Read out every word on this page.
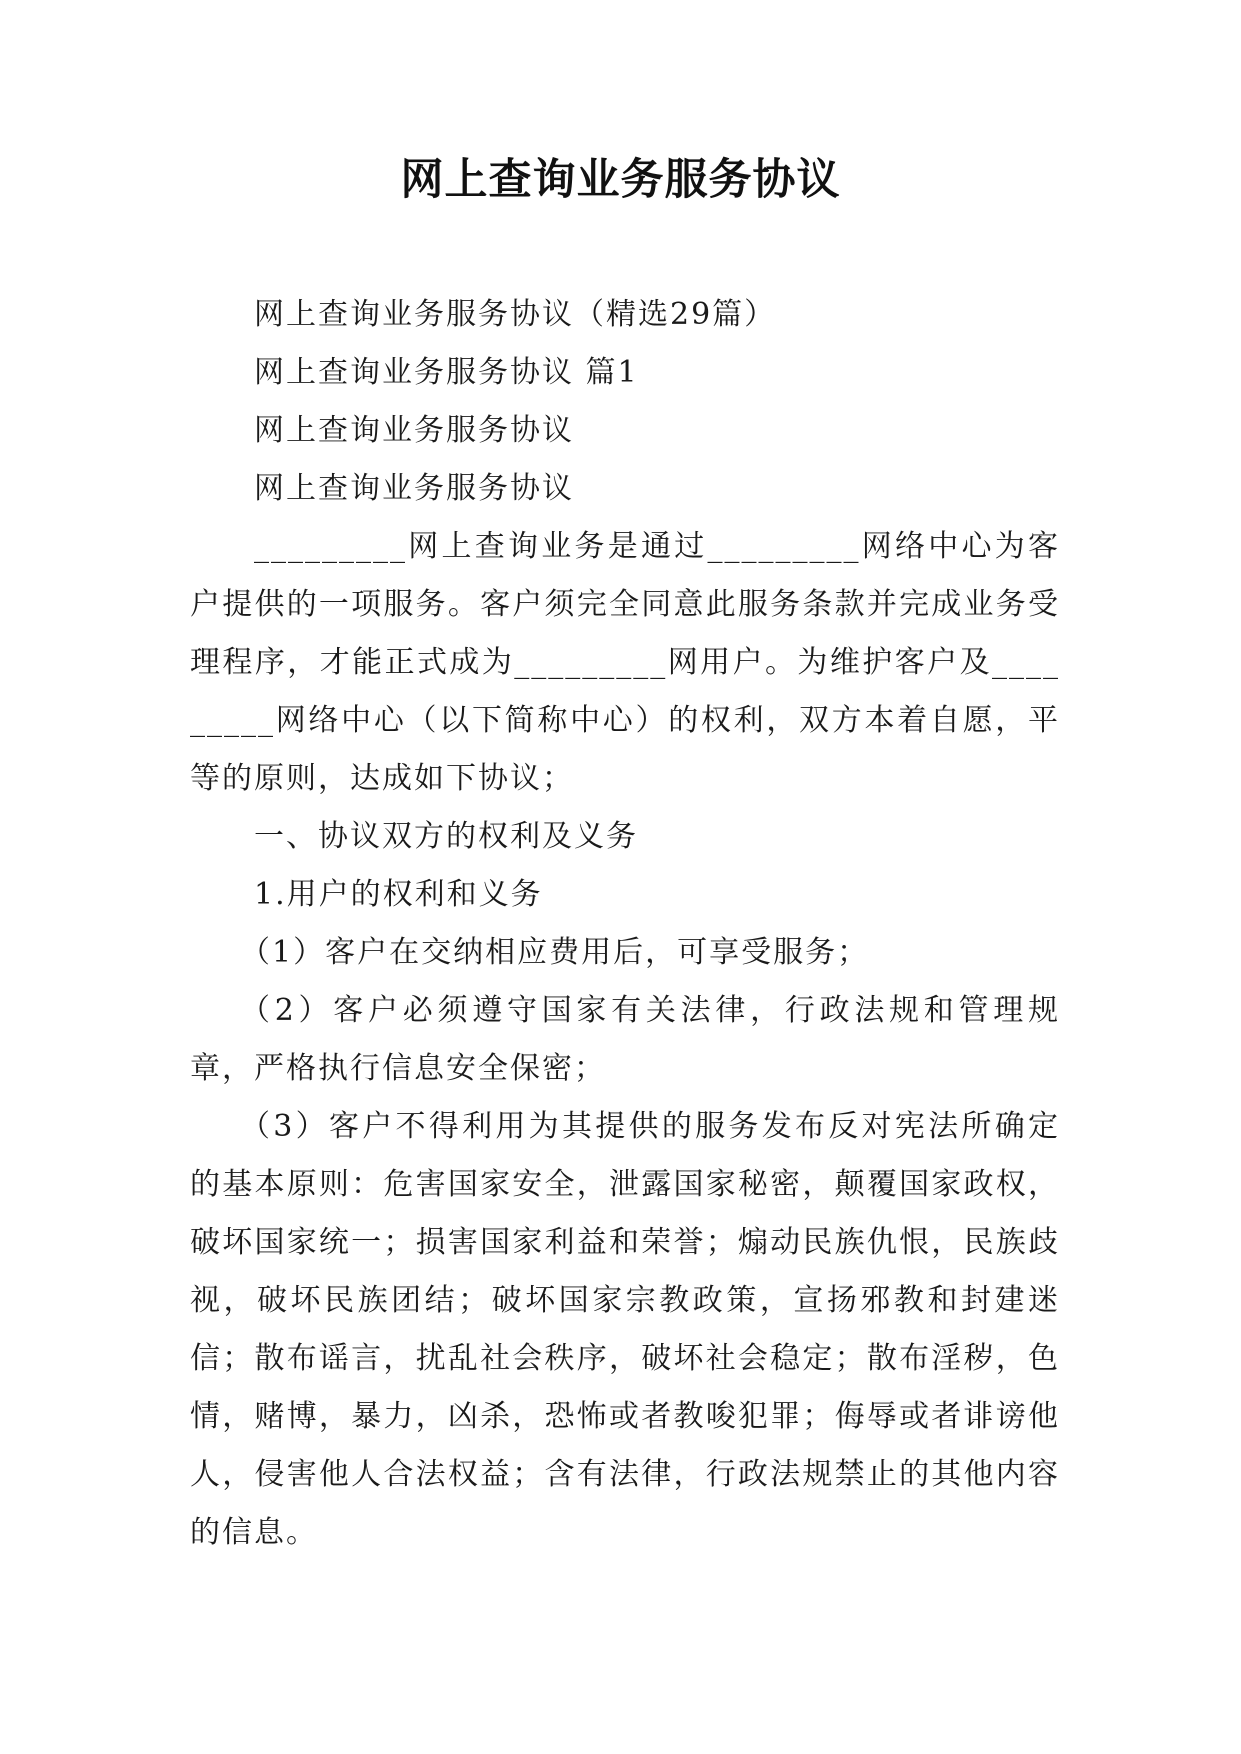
网上查询业务服务协议

网上查询业务服务协议（精选29篇）

网上查询业务服务协议 篇1

网上查询业务服务协议

网上查询业务服务协议

_________网上查询业务是通过_________网络中心为客户提供的一项服务。客户须完全同意此服务条款并完成业务受理程序，才能正式成为_________网用户。为维护客户及_________网络中心（以下简称中心）的权利，双方本着自愿，平等的原则，达成如下协议；

一、协议双方的权利及义务

1.用户的权利和义务

（1）客户在交纳相应费用后，可享受服务；

（2）客户必须遵守国家有关法律，行政法规和管理规章，严格执行信息安全保密；

（3）客户不得利用为其提供的服务发布反对宪法所确定的基本原则：危害国家安全，泄露国家秘密，颠覆国家政权，破坏国家统一；损害国家利益和荣誉；煽动民族仇恨，民族歧视，破坏民族团结；破坏国家宗教政策，宣扬邪教和封建迷信；散布谣言，扰乱社会秩序，破坏社会稳定；散布淫秽，色情，赌博，暴力，凶杀，恐怖或者教唆犯罪；侮辱或者诽谤他人，侵害他人合法权益；含有法律，行政法规禁止的其他内容的信息。
